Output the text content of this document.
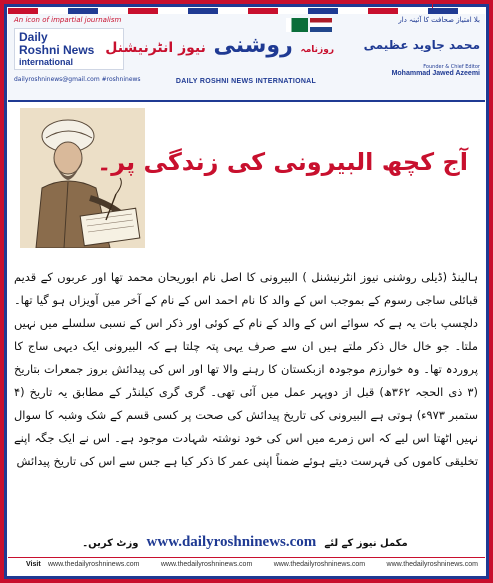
An icon of impartial journalism
Daily
Roshni News
international
dailyroshninews@gmail.com #roshninews
روزنامہ روشنی نیوز انٹرنیشنل
DAILY ROSHNI NEWS INTERNATIONAL
بلا امتیاز صحافت کا آئینہ دار
محمد جاوید عظیمی
Founder & Chief Editor
Mohammad Jawed Azeemi
آج کچھ البیرونی کی زندگی پر۔
ہالینڈ (ڈیلی روشنی نیوز انٹرنیشنل ) البیرونی کا اصل نام ابوریحان محمد تھا اور عربوں کے قدیم قبائلی ساجی رسوم کے بموجب اس کے والد کا نام احمد اس کے نام کے آخر میں آویزاں ہو گیا تھا۔ دلچسپ بات یہ ہے کہ سوائے اس کے والد کے نام کے کوئی اور ذکر اس کے نسبی سلسلے میں نہیں ملتا۔ جو خال خال ذکر ملتے ہیں ان سے صرف یہی پتہ چلتا ہے کہ البیرونی ایک دیہی ساج کا پروردہ تھا۔ وہ خوارزم موجودہ ازبکستان کا رہنے والا تھا اور اس کی پیدائش بروز جمعرات بتاریخ (۳ ذی الحجہ ۳۶۲ھ) قبل از دوپہر عمل میں آئی تھی۔ گری گری کیلنڈر کے مطابق یہ تاریخ (۴ ستمبر ۹۷۳ء) ہوتی ہے البیرونی کی تاریخ پیدائش کی صحت پر کسی قسم کے شک وشبہ کا سوال نہیں اٹھتا اس لیے کہ اس زمرے میں اس کی خود نوشتہ شہادت موجود ہے۔ اس نے ایک جگہ اپنے تخلیقی کاموں کی فہرست دیتے ہوئے ضمناً اپنی عمر کا ذکر کیا ہے جس سے اس کی تاریخ پیدائش
وزٹ کریں۔ www.dailyroshninews.com مکمل نیوز کے لئے
Visit www.thedailyroshninews.com	www.thedailyroshninews.com	www.thedailyroshninews.com	www.thedailyroshninews.com
